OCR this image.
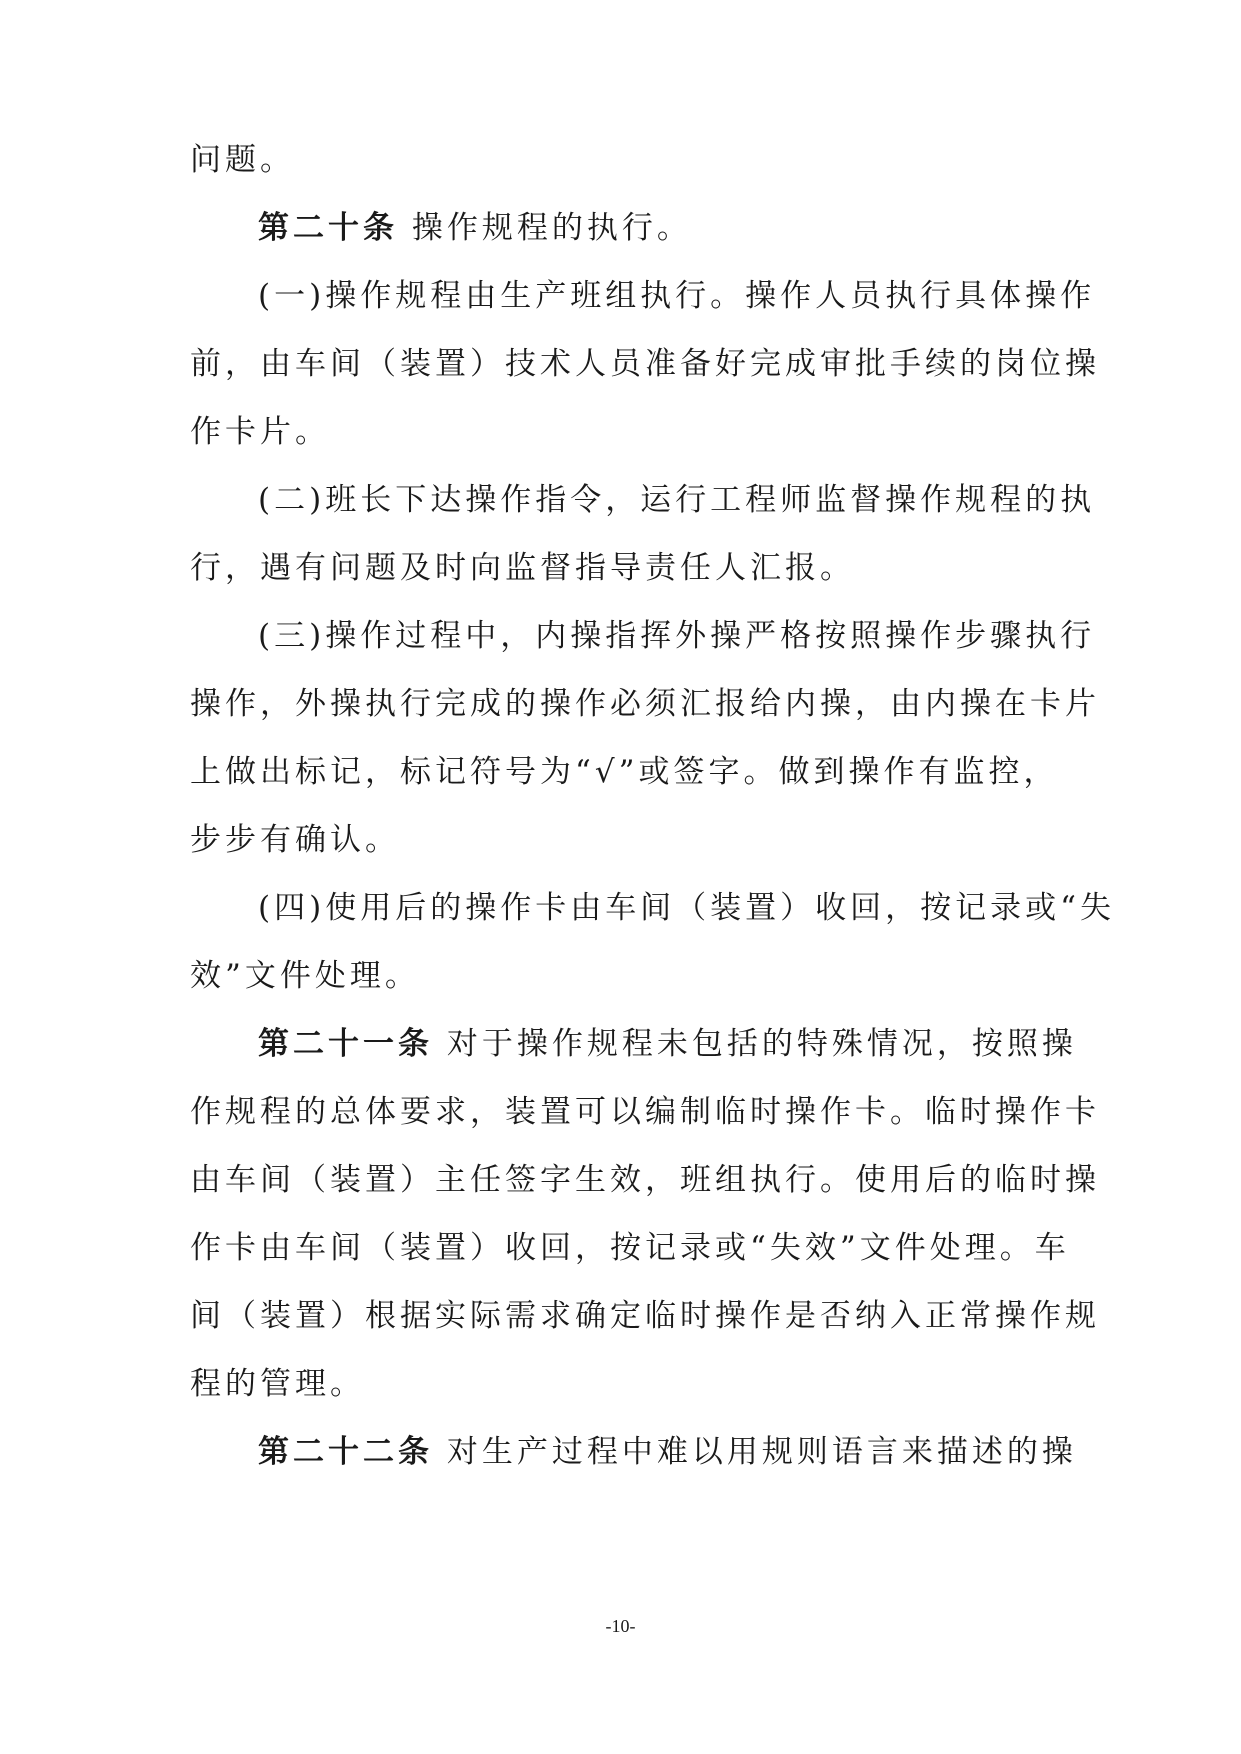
问题。
第二十条 操作规程的执行。
(一)操作规程由生产班组执行。操作人员执行具体操作
前，由车间（装置）技术人员准备好完成审批手续的岗位操
作卡片。
(二)班长下达操作指令，运行工程师监督操作规程的执
行，遇有问题及时向监督指导责任人汇报。
(三)操作过程中，内操指挥外操严格按照操作步骤执行
操作，外操执行完成的操作必须汇报给内操，由内操在卡片
上做出标记，标记符号为“√”或签字。做到操作有监控，
步步有确认。
(四)使用后的操作卡由车间（装置）收回，按记录或“失
效”文件处理。
第二十一条 对于操作规程未包括的特殊情况，按照操
作规程的总体要求，装置可以编制临时操作卡。临时操作卡
由车间（装置）主任签字生效，班组执行。使用后的临时操
作卡由车间（装置）收回，按记录或“失效”文件处理。车
间（装置）根据实际需求确定临时操作是否纳入正常操作规
程的管理。
第二十二条 对生产过程中难以用规则语言来描述的操
-10-
